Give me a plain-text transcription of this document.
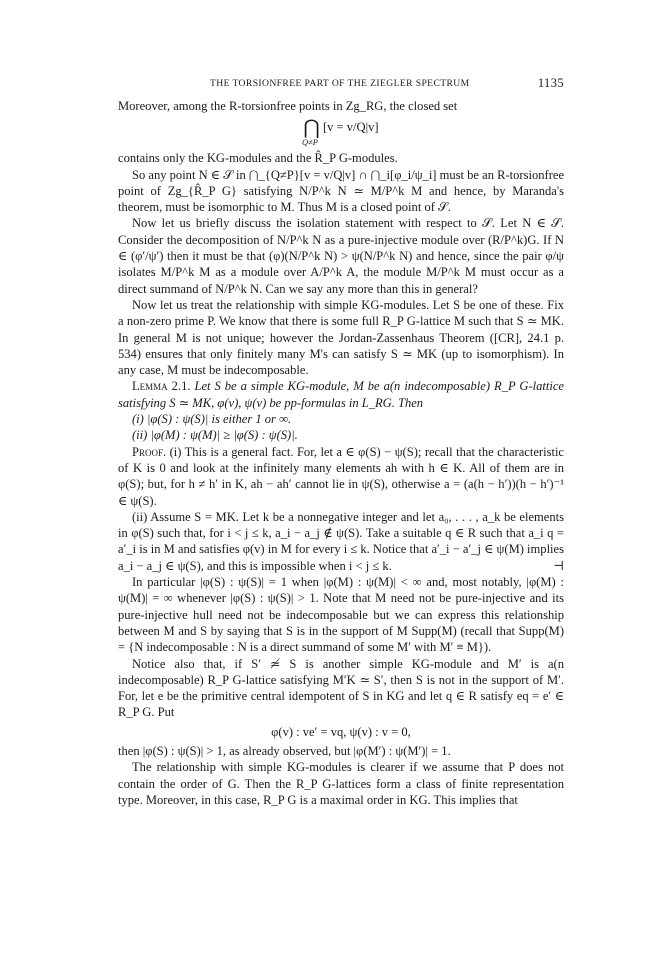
THE TORSIONFREE PART OF THE ZIEGLER SPECTRUM	1135

Moreover, among the R-torsionfree points in Zg_RG, the closed set

⋂ [v = v/Q|v]
Q≠P

contains only the KG-modules and the R̂_P G-modules.

So any point N ∈ 𝒮 in ⋂_{Q≠P}[v = v/Q|v] ∩ ⋂_i[φ_i/ψ_i] must be an R-torsionfree point of Zg_{R̂_P G} satisfying N/P^k N ≃ M/P^k M and hence, by Maranda's theorem, must be isomorphic to M. Thus M is a closed point of 𝒮.

Now let us briefly discuss the isolation statement with respect to 𝒮. Let N ∈ 𝒮. Consider the decomposition of N/P^k N as a pure-injective module over (R/P^k)G. If N ∈ (φ′/ψ′) then it must be that (φ)(N/P^k N) > ψ(N/P^k N) and hence, since the pair φ/ψ isolates M/P^k M as a module over A/P^k A, the module M/P^k M must occur as a direct summand of N/P^k N. Can we say any more than this in general?

Now let us treat the relationship with simple KG-modules. Let S be one of these. Fix a non-zero prime P. We know that there is some full R_P G-lattice M such that S ≃ MK. In general M is not unique; however the Jordan-Zassenhaus Theorem ([CR], 24.1 p. 534) ensures that only finitely many M's can satisfy S ≃ MK (up to isomorphism). In any case, M must be indecomposable.

Lemma 2.1. Let S be a simple KG-module, M be a(n indecomposable) R_P G-lattice satisfying S ≃ MK, φ(v), ψ(v) be pp-formulas in L_RG. Then

(i) |φ(S) : ψ(S)| is either 1 or ∞.

(ii) |φ(M) : ψ(M)| ≥ |φ(S) : ψ(S)|.

Proof. (i) This is a general fact. For, let a ∈ φ(S) − ψ(S); recall that the characteristic of K is 0 and look at the infinitely many elements ah with h ∈ K. All of them are in φ(S); but, for h ≠ h′ in K, ah − ah′ cannot lie in ψ(S), otherwise a = (a(h − h′))(h − h′)⁻¹ ∈ ψ(S).

(ii) Assume S = MK. Let k be a nonnegative integer and let a₀, . . . , a_k be elements in φ(S) such that, for i < j ≤ k, a_i − a_j ∉ ψ(S). Take a suitable q ∈ R such that a_i q = a′_i is in M and satisfies φ(v) in M for every i ≤ k. Notice that a′_i − a′_j ∈ ψ(M) implies a_i − a_j ∈ ψ(S), and this is impossible when i < j ≤ k.	⊣

In particular |φ(S) : ψ(S)| = 1 when |φ(M) : ψ(M)| < ∞ and, most notably, |φ(M) : ψ(M)| = ∞ whenever |φ(S) : ψ(S)| > 1. Note that M need not be pure-injective and its pure-injective hull need not be indecomposable but we can express this relationship between M and S by saying that S is in the support of M Supp(M) (recall that Supp(M) = {N indecomposable : N is a direct summand of some M′ with M′ ≡ M}).

Notice also that, if S′ ≄ S is another simple KG-module and M′ is a(n indecomposable) R_P G-lattice satisfying M′K ≃ S′, then S is not in the support of M′. For, let e be the primitive central idempotent of S in KG and let q ∈ R satisfy eq = e′ ∈ R_P G. Put

φ(v) : ve′ = vq, ψ(v) : v = 0,

then |φ(S) : ψ(S)| > 1, as already observed, but |φ(M′) : ψ(M′)| = 1.

The relationship with simple KG-modules is clearer if we assume that P does not contain the order of G. Then the R_P G-lattices form a class of finite representation type. Moreover, in this case, R_P G is a maximal order in KG. This implies that
